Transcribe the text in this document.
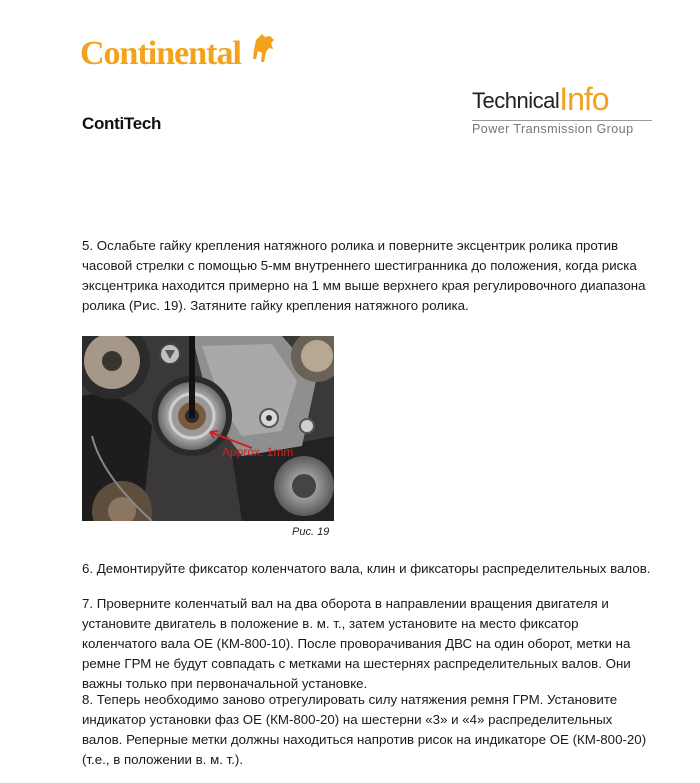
Continental
ContiTech
TechnicalInfo
Power Transmission Group

5. Ослабьте гайку крепления натяжного ролика и поверните эксцентрик ролика против часовой стрелки с помощью 5-мм внутреннего шестигранника до положения, когда риска эксцентрика находится примерно на 1 мм выше верхнего края регулировочного диапазона ролика (Рис. 19). Затяните гайку крепления натяжного ролика.

Approx. 1mm
Рис. 19

6. Демонтируйте фиксатор коленчатого вала, клин и фиксаторы распределительных валов.

7. Проверните коленчатый вал на два оборота в направлении вращения двигателя и установите двигатель в положение в. м. т., затем установите на место фиксатор коленчатого вала ОЕ (КМ-800-10). После проворачивания ДВС на один оборот, метки на ремне ГРМ не будут совпадать с метками на шестернях распределительных валов. Они важны только при первоначальной установке.

8. Теперь необходимо заново отрегулировать силу натяжения ремня ГРМ. Установите индикатор установки фаз ОЕ (КМ-800-20) на шестерни «3» и «4» распределительных валов. Реперные метки должны находиться напротив рисок на индикаторе ОЕ (КМ-800-20) (т.е., в положении в. м. т.).
